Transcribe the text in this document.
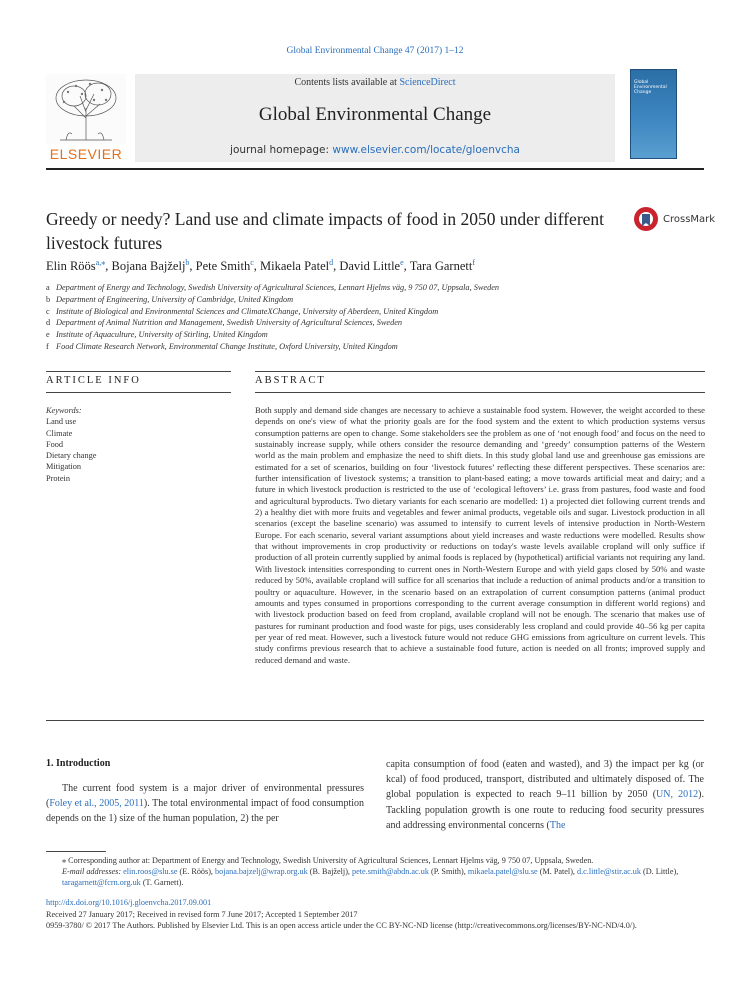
Global Environmental Change 47 (2017) 1–12
ELSEVIER
Contents lists available at ScienceDirect
Global Environmental Change
journal homepage: www.elsevier.com/locate/gloenvcha
Global Environmental Change
Greedy or needy? Land use and climate impacts of food in 2050 under different livestock futures
CrossMark
Elin Röös$^{a,⁎}$, Bojana Bajželj$^b$, Pete Smith$^c$, Mikaela Patel$^d$, David Little$^e$, Tara Garnett$^f$
a Department of Energy and Technology, Swedish University of Agricultural Sciences, Lennart Hjelms väg, 9 750 07, Uppsala, Sweden
b Department of Engineering, University of Cambridge, United Kingdom
c Institute of Biological and Environmental Sciences and ClimateXChange, University of Aberdeen, United Kingdom
d Department of Animal Nutrition and Management, Swedish University of Agricultural Sciences, Sweden
e Institute of Aquaculture, University of Stirling, United Kingdom
f Food Climate Research Network, Environmental Change Institute, Oxford University, United Kingdom
ARTICLE INFO	ABSTRACT
Keywords:
Land use
Climate
Food
Dietary change
Mitigation
Protein
Both supply and demand side changes are necessary to achieve a sustainable food system. However, the weight accorded to these depends on one's view of what the priority goals are for the food system and the extent to which production systems versus consumption patterns are open to change. Some stakeholders see the problem as one of ‘not enough food’ and focus on the need to sustainably increase supply, while others consider the resource demanding and ‘greedy’ consumption patterns of the Western world as the main problem and emphasize the need to shift diets. In this study global land use and greenhouse gas emissions are estimated for a set of scenarios, building on four ‘livestock futures’ reflecting these different perspectives. These scenarios are: further intensification of livestock systems; a transition to plant-based eating; a move towards artificial meat and dairy; and a future in which livestock production is restricted to the use of ‘ecological leftovers’ i.e. grass from pastures, food waste and food and agricultural byproducts. Two dietary variants for each scenario are modelled: 1) a projected diet following current trends and 2) a healthy diet with more fruits and vegetables and fewer animal products, vegetable oils and sugar. Livestock production in all scenarios (except the baseline scenario) was assumed to intensify to current levels of intensive production in North-Western Europe. For each scenario, several variant assumptions about yield increases and waste reductions were modelled. Results show that without improvements in crop productivity or reductions on today's waste levels available cropland will only suffice if production of all protein currently supplied by animal foods is replaced by (hypothetical) artificial variants not requiring any land. With livestock intensities corresponding to current ones in North-Western Europe and with yield gaps closed by 50% and waste reduced by 50%, available cropland will suffice for all scenarios that include a reduction of animal products and/or a transition to poultry or aquaculture. However, in the scenario based on an extrapolation of current consumption patterns (animal product amounts and types consumed in proportions corresponding to the current average consumption in different world regions) and with livestock production based on feed from cropland, available cropland will not be enough. The scenario that makes use of pastures for ruminant production and food waste for pigs, uses considerably less cropland and could provide 40–56 kg per capita per year of red meat. However, such a livestock future would not reduce GHG emissions from agriculture on current levels. This study confirms previous research that to achieve a sustainable food future, action is needed on all fronts; improved supply and reduced demand and waste.
1. Introduction
The current food system is a major driver of environmental pressures (Foley et al., 2005, 2011). The total environmental impact of food consumption depends on the 1) size of the human population, 2) the per
capita consumption of food (eaten and wasted), and 3) the impact per kg (or kcal) of food produced, transport, distributed and ultimately disposed of. The global population is expected to reach 9–11 billion by 2050 (UN, 2012). Tackling population growth is one route to reducing food security pressures and addressing environmental concerns (The
⁎ Corresponding author at: Department of Energy and Technology, Swedish University of Agricultural Sciences, Lennart Hjelms väg, 9 750 07, Uppsala, Sweden.
E-mail addresses: elin.roos@slu.se (E. Röös), bojana.bajzelj@wrap.org.uk (B. Bajželj), pete.smith@abdn.ac.uk (P. Smith), mikaela.patel@slu.se (M. Patel), d.c.little@stir.ac.uk (D. Little), taragarnett@fcrn.org.uk (T. Garnett).
http://dx.doi.org/10.1016/j.gloenvcha.2017.09.001
Received 27 January 2017; Received in revised form 7 June 2017; Accepted 1 September 2017
0959-3780/ © 2017 The Authors. Published by Elsevier Ltd. This is an open access article under the CC BY-NC-ND license (http://creativecommons.org/licenses/BY-NC-ND/4.0/).
